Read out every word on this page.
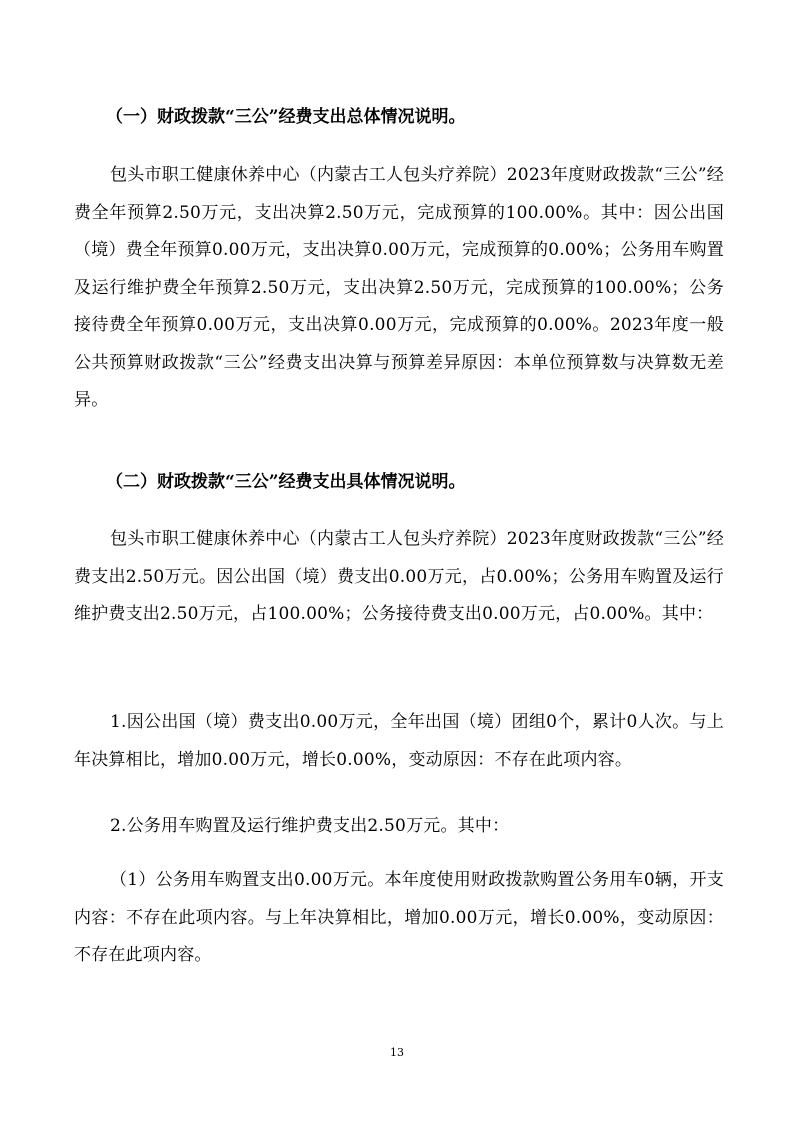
（一）财政拨款“三公”经费支出总体情况说明。
包头市职工健康休养中心（内蒙古工人包头疗养院）2023年度财政拨款“三公”经费全年预算2.50万元，支出决算2.50万元，完成预算的100.00%。其中：因公出国（境）费全年预算0.00万元，支出决算0.00万元，完成预算的0.00%；公务用车购置及运行维护费全年预算2.50万元，支出决算2.50万元，完成预算的100.00%；公务接待费全年预算0.00万元，支出决算0.00万元，完成预算的0.00%。2023年度一般公共预算财政拨款“三公”经费支出决算与预算差异原因：本单位预算数与决算数无差异。
（二）财政拨款“三公”经费支出具体情况说明。
包头市职工健康休养中心（内蒙古工人包头疗养院）2023年度财政拨款“三公”经费支出2.50万元。因公出国（境）费支出0.00万元，占0.00%；公务用车购置及运行维护费支出2.50万元，占100.00%；公务接待费支出0.00万元，占0.00%。其中：
1.因公出国（境）费支出0.00万元，全年出国（境）团组0个，累计0人次。与上年决算相比，增加0.00万元，增长0.00%，变动原因：不存在此项内容。
2.公务用车购置及运行维护费支出2.50万元。其中：
（1）公务用车购置支出0.00万元。本年度使用财政拨款购置公务用车0辆，开支内容：不存在此项内容。与上年决算相比，增加0.00万元，增长0.00%，变动原因：不存在此项内容。
13
